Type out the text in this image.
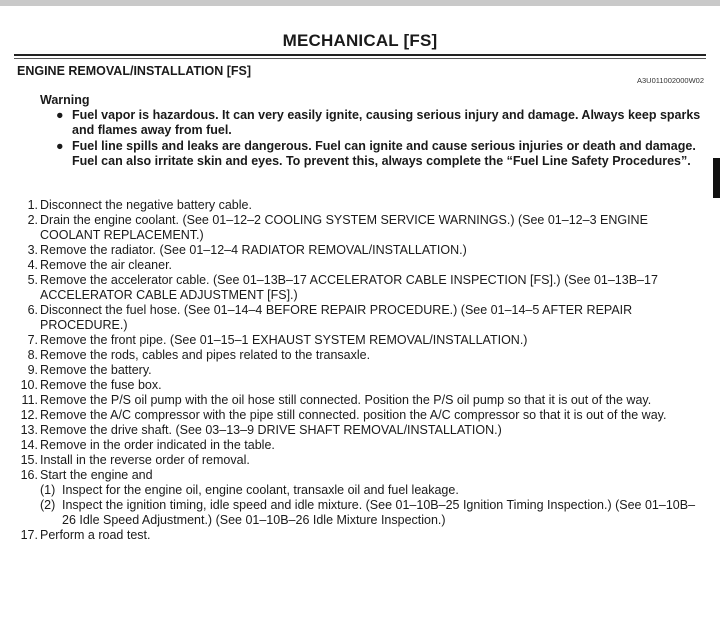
MECHANICAL [FS]
ENGINE REMOVAL/INSTALLATION [FS]
A3U011002000W02
Warning
● Fuel vapor is hazardous. It can very easily ignite, causing serious injury and damage. Always keep sparks and flames away from fuel.
● Fuel line spills and leaks are dangerous. Fuel can ignite and cause serious injuries or death and damage. Fuel can also irritate skin and eyes. To prevent this, always complete the “Fuel Line Safety Procedures”.
1. Disconnect the negative battery cable.
2. Drain the engine coolant. (See 01–12–2 COOLING SYSTEM SERVICE WARNINGS.) (See 01–12–3 ENGINE COOLANT REPLACEMENT.)
3. Remove the radiator. (See 01–12–4 RADIATOR REMOVAL/INSTALLATION.)
4. Remove the air cleaner.
5. Remove the accelerator cable. (See 01–13B–17 ACCELERATOR CABLE INSPECTION [FS].) (See 01–13B–17 ACCELERATOR CABLE ADJUSTMENT [FS].)
6. Disconnect the fuel hose. (See 01–14–4 BEFORE REPAIR PROCEDURE.) (See 01–14–5 AFTER REPAIR PROCEDURE.)
7. Remove the front pipe. (See 01–15–1 EXHAUST SYSTEM REMOVAL/INSTALLATION.)
8. Remove the rods, cables and pipes related to the transaxle.
9. Remove the battery.
10. Remove the fuse box.
11. Remove the P/S oil pump with the oil hose still connected. Position the P/S oil pump so that it is out of the way.
12. Remove the A/C compressor with the pipe still connected. position the A/C compressor so that it is out of the way.
13. Remove the drive shaft. (See 03–13–9 DRIVE SHAFT REMOVAL/INSTALLATION.)
14. Remove in the order indicated in the table.
15. Install in the reverse order of removal.
16. Start the engine and
(1) Inspect for the engine oil, engine coolant, transaxle oil and fuel leakage.
(2) Inspect the ignition timing, idle speed and idle mixture. (See 01–10B–25 Ignition Timing Inspection.) (See 01–10B–26 Idle Speed Adjustment.) (See 01–10B–26 Idle Mixture Inspection.)
17. Perform a road test.
